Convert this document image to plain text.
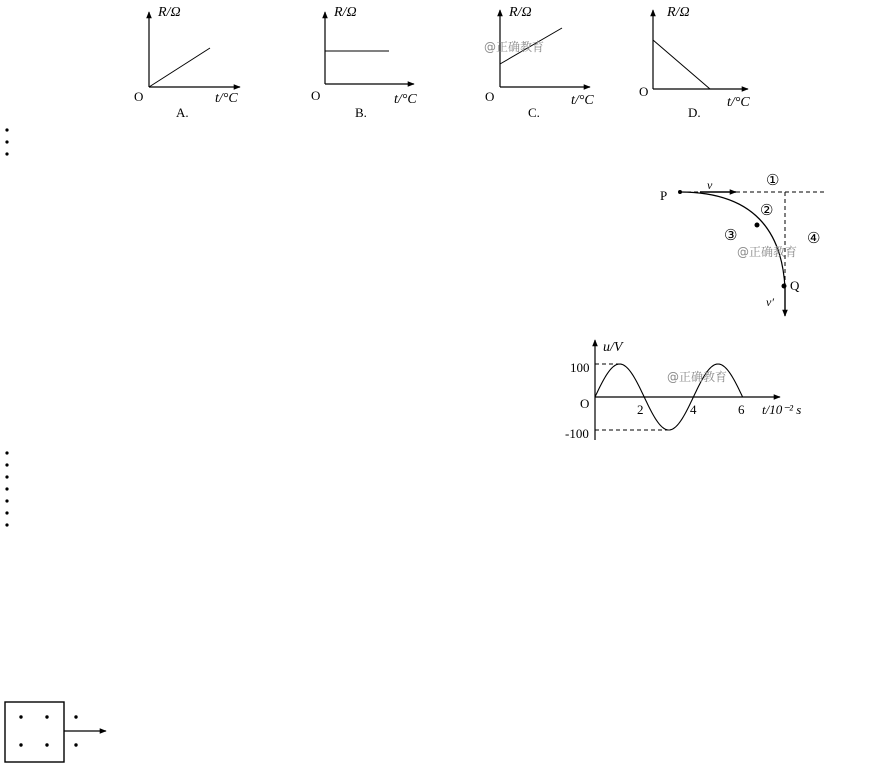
R/Ω
O	t/°C
A.
R/Ω
O	t/°C
B.
R/Ω
O	t/°C
C.
@正确教育
R/Ω
O
t/°C
D.
P
Q
v
v′
①
②
③	④
@正确教育
u/V
O
100
-100
t/10⁻² s
2	4	6
@正确教育
